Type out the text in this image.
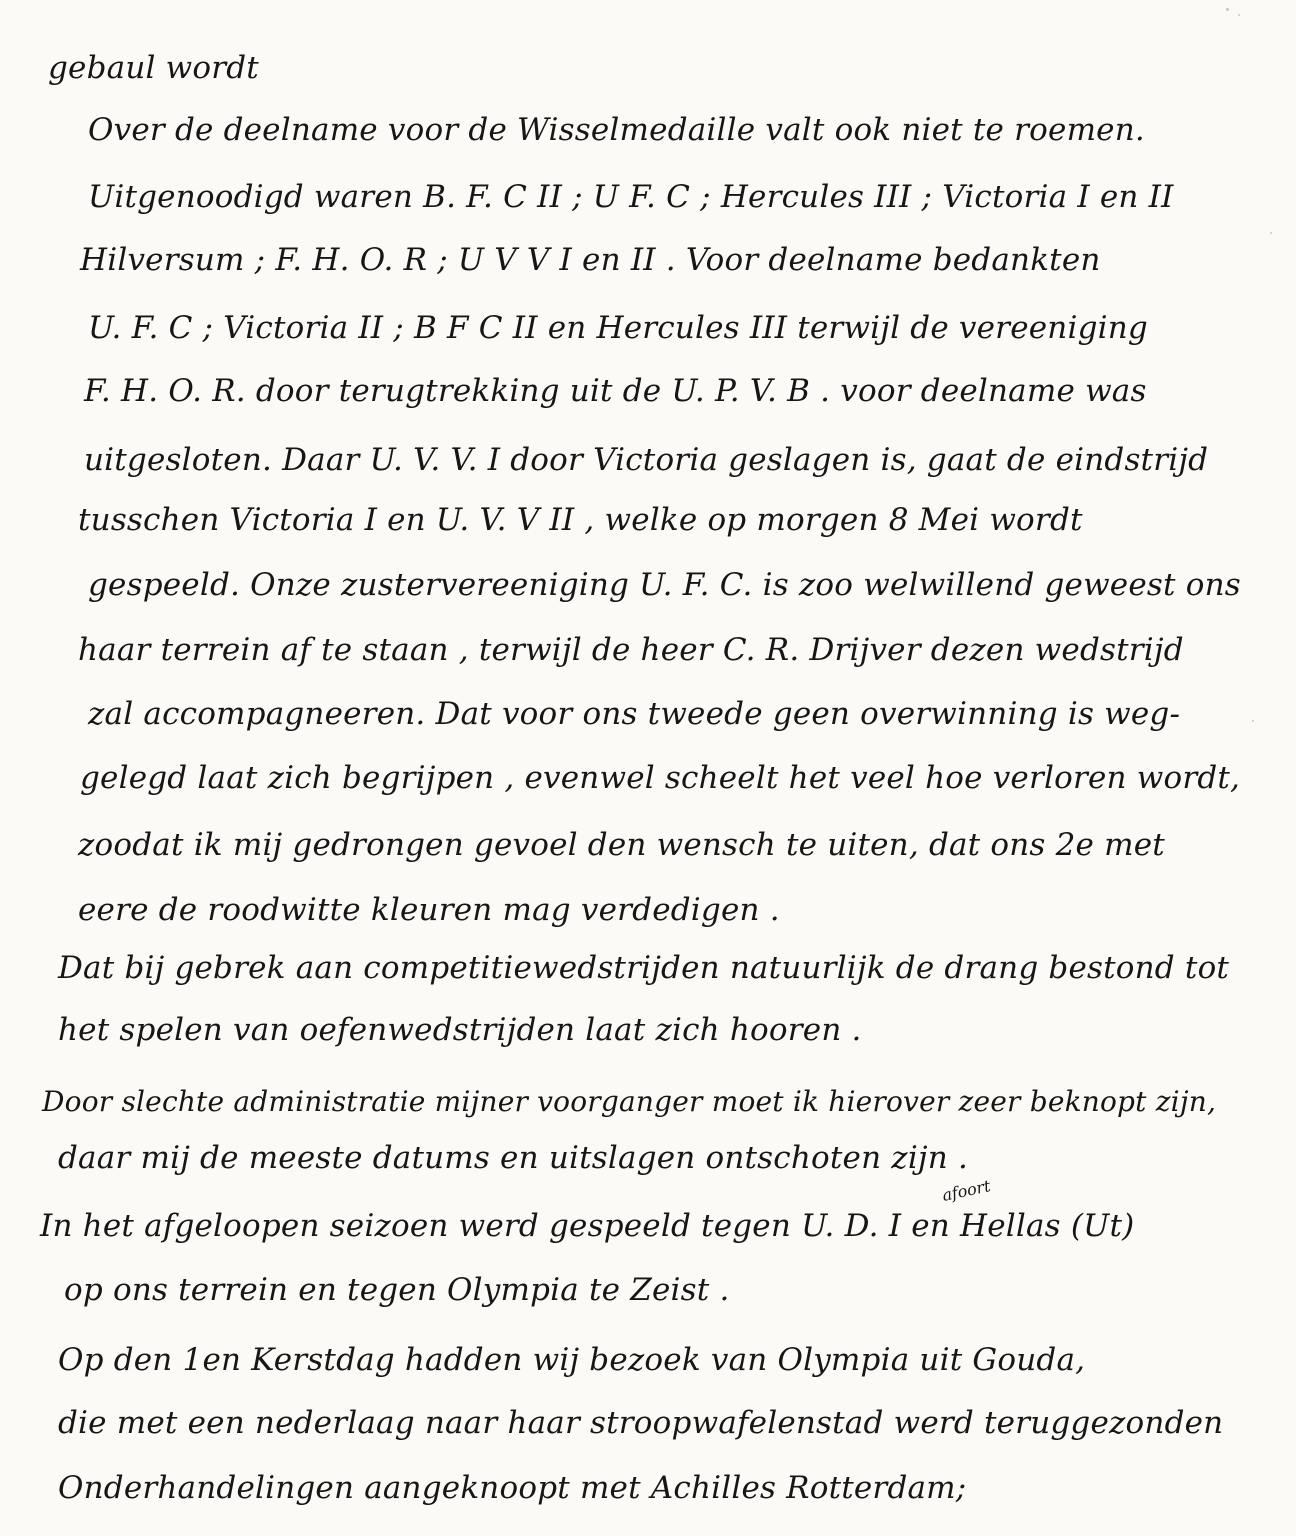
gebaul wordt
Over de deelname voor de Wisselmedaille valt ook niet te roemen.
Uitgenoodigd waren B. F. C II ; U F. C ; Hercules III ; Victoria I en II
Hilversum ; F. H. O. R ; U V V I en II . Voor deelname bedankten
U. F. C ; Victoria II ; B F C II en Hercules III terwijl de vereeniging
F. H. O. R. door terugtrekking uit de U. P. V. B . voor deelname was
uitgesloten. Daar U. V. V. I door Victoria geslagen is, gaat de eindstrijd
tusschen Victoria I en U. V. V II , welke op morgen 8 Mei wordt
gespeeld. Onze zustervereeniging U. F. C. is zoo welwillend geweest ons
haar terrein af te staan , terwijl de heer C. R. Drijver dezen wedstrijd
zal accompagneeren. Dat voor ons tweede geen overwinning is weg-
gelegd laat zich begrijpen , evenwel scheelt het veel hoe verloren wordt,
zoodat ik mij gedrongen gevoel den wensch te uiten, dat ons 2e met
eere de roodwitte kleuren mag verdedigen .
Dat bij gebrek aan competitiewedstrijden natuurlijk de drang bestond tot
het spelen van oefenwedstrijden laat zich hooren .
Door slechte administratie mijner voorganger moet ik hierover zeer beknopt zijn,
daar mij de meeste datums en uitslagen ontschoten zijn .
In het afgeloopen seizoen werd gespeeld tegen U. D. I en Hellas (Ut)
afoort
op ons terrein en tegen Olympia te Zeist .
Op den 1en Kerstdag hadden wij bezoek van Olympia uit Gouda,
die met een nederlaag naar haar stroopwafelenstad werd teruggezonden
Onderhandelingen aangeknoopt met Achilles Rotterdam;
